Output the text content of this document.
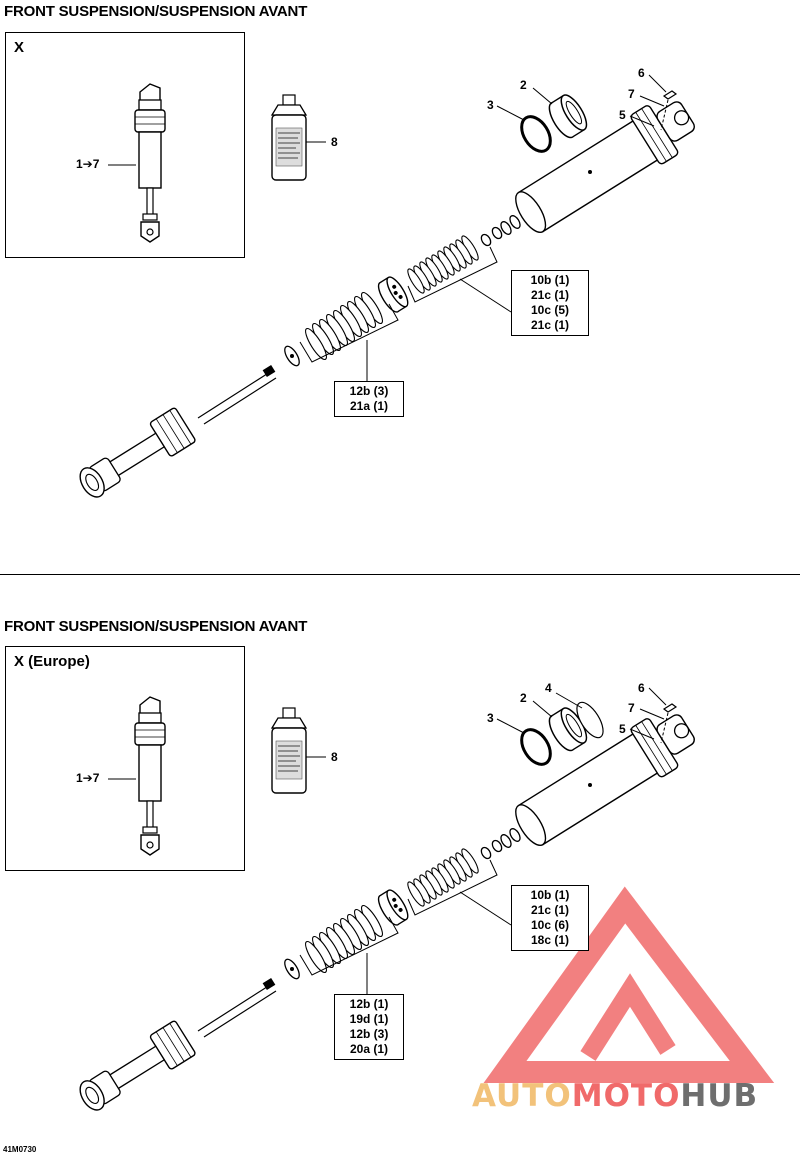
FRONT SUSPENSION/SUSPENSION AVANT
X
FRONT SUSPENSION/SUSPENSION AVANT
X (Europe)
1➔7
8
2
3
5
6
7
10b (1)
21c (1)
10c (5)
21c (1)
12b (3)
21a (1)
1➔7
8
2
3
4
5
6
7
10b (1)
21c (1)
10c (6)
18c (1)
12b (1)
19d (1)
12b (3)
20a (1)
41M0730
AUTOMOTOHUB
